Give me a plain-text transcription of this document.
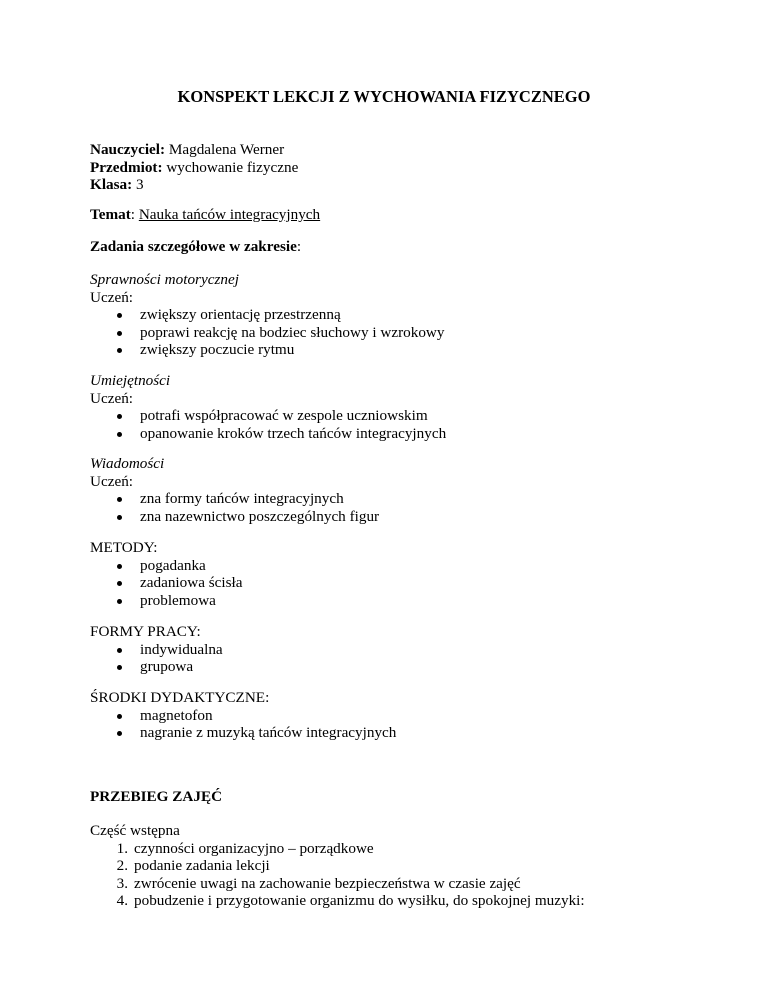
KONSPEKT LEKCJI Z WYCHOWANIA FIZYCZNEGO
Nauczyciel: Magdalena Werner
Przedmiot: wychowanie fizyczne
Klasa: 3
Temat: Nauka tańców integracyjnych
Zadania szczegółowe w zakresie:
Sprawności motorycznej
Uczeń:
zwiększy orientację przestrzenną
poprawi reakcję na bodziec słuchowy i wzrokowy
zwiększy poczucie rytmu
Umiejętności
Uczeń:
potrafi współpracować w zespole uczniowskim
opanowanie kroków trzech tańców integracyjnych
Wiadomości
Uczeń:
zna formy tańców integracyjnych
zna nazewnictwo poszczególnych figur
METODY:
pogadanka
zadaniowa ścisła
problemowa
FORMY PRACY:
indywidualna
grupowa
ŚRODKI DYDAKTYCZNE:
magnetofon
nagranie z muzyką tańców integracyjnych
PRZEBIEG ZAJĘĆ
Część wstępna
1. czynności organizacyjno – porządkowe
2. podanie zadania lekcji
3. zwrócenie uwagi na zachowanie bezpieczeństwa w czasie zajęć
4. pobudzenie i przygotowanie organizmu do wysiłku, do spokojnej muzyki:
